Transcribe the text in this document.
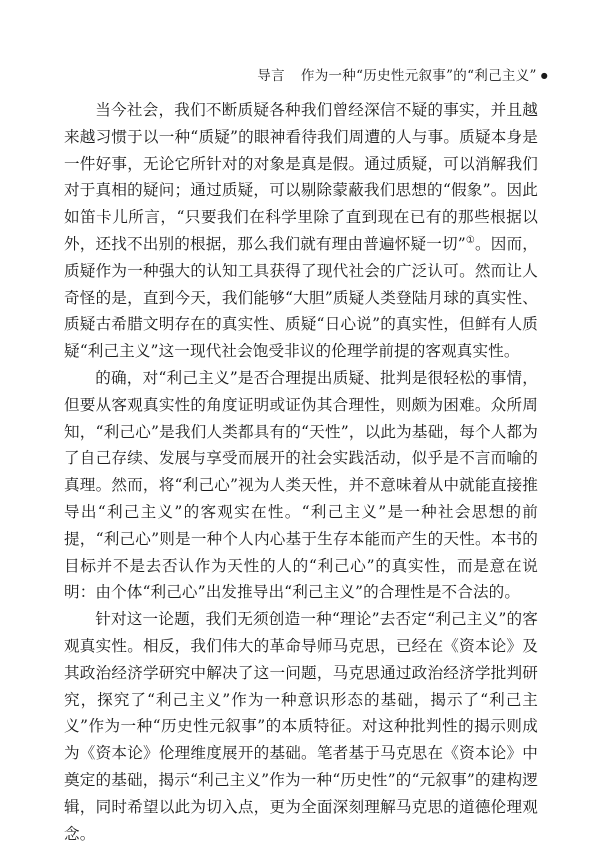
导言 作为一种“历史性元叙事”的“利己主义” ●

当今社会，我们不断质疑各种我们曾经深信不疑的事实，并且越来越习惯于以一种“质疑”的眼神看待我们周遭的人与事。质疑本身是一件好事，无论它所针对的对象是真是假。通过质疑，可以消解我们对于真相的疑问；通过质疑，可以剔除蒙蔽我们思想的“假象”。因此如笛卡儿所言，“只要我们在科学里除了直到现在已有的那些根据以外，还找不出别的根据，那么我们就有理由普遍怀疑一切”①。因而，质疑作为一种强大的认知工具获得了现代社会的广泛认可。然而让人奇怪的是，直到今天，我们能够“大胆”质疑人类登陆月球的真实性、质疑古希腊文明存在的真实性、质疑“日心说”的真实性，但鲜有人质疑“利己主义”这一现代社会饱受非议的伦理学前提的客观真实性。

的确，对“利己主义”是否合理提出质疑、批判是很轻松的事情，但要从客观真实性的角度证明或证伪其合理性，则颇为困难。众所周知，“利己心”是我们人类都具有的“天性”，以此为基础，每个人都为了自己存续、发展与享受而展开的社会实践活动，似乎是不言而喻的真理。然而，将“利己心”视为人类天性，并不意味着从中就能直接推导出“利己主义”的客观实在性。“利己主义”是一种社会思想的前提，“利己心”则是一种个人内心基于生存本能而产生的天性。本书的目标并不是去否认作为天性的人的“利己心”的真实性，而是意在说明：由个体“利己心”出发推导出“利己主义”的合理性是不合法的。

针对这一论题，我们无须创造一种“理论”去否定“利己主义”的客观真实性。相反，我们伟大的革命导师马克思，已经在《资本论》及其政治经济学研究中解决了这一问题，马克思通过政治经济学批判研究，探究了“利己主义”作为一种意识形态的基础，揭示了“利己主义”作为一种“历史性元叙事”的本质特征。对这种批判性的揭示则成为《资本论》伦理维度展开的基础。笔者基于马克思在《资本论》中奠定的基础，揭示“利己主义”作为一种“历史性”的“元叙事”的建构逻辑，同时希望以此为切入点，更为全面深刻理解马克思的道德伦理观念。
